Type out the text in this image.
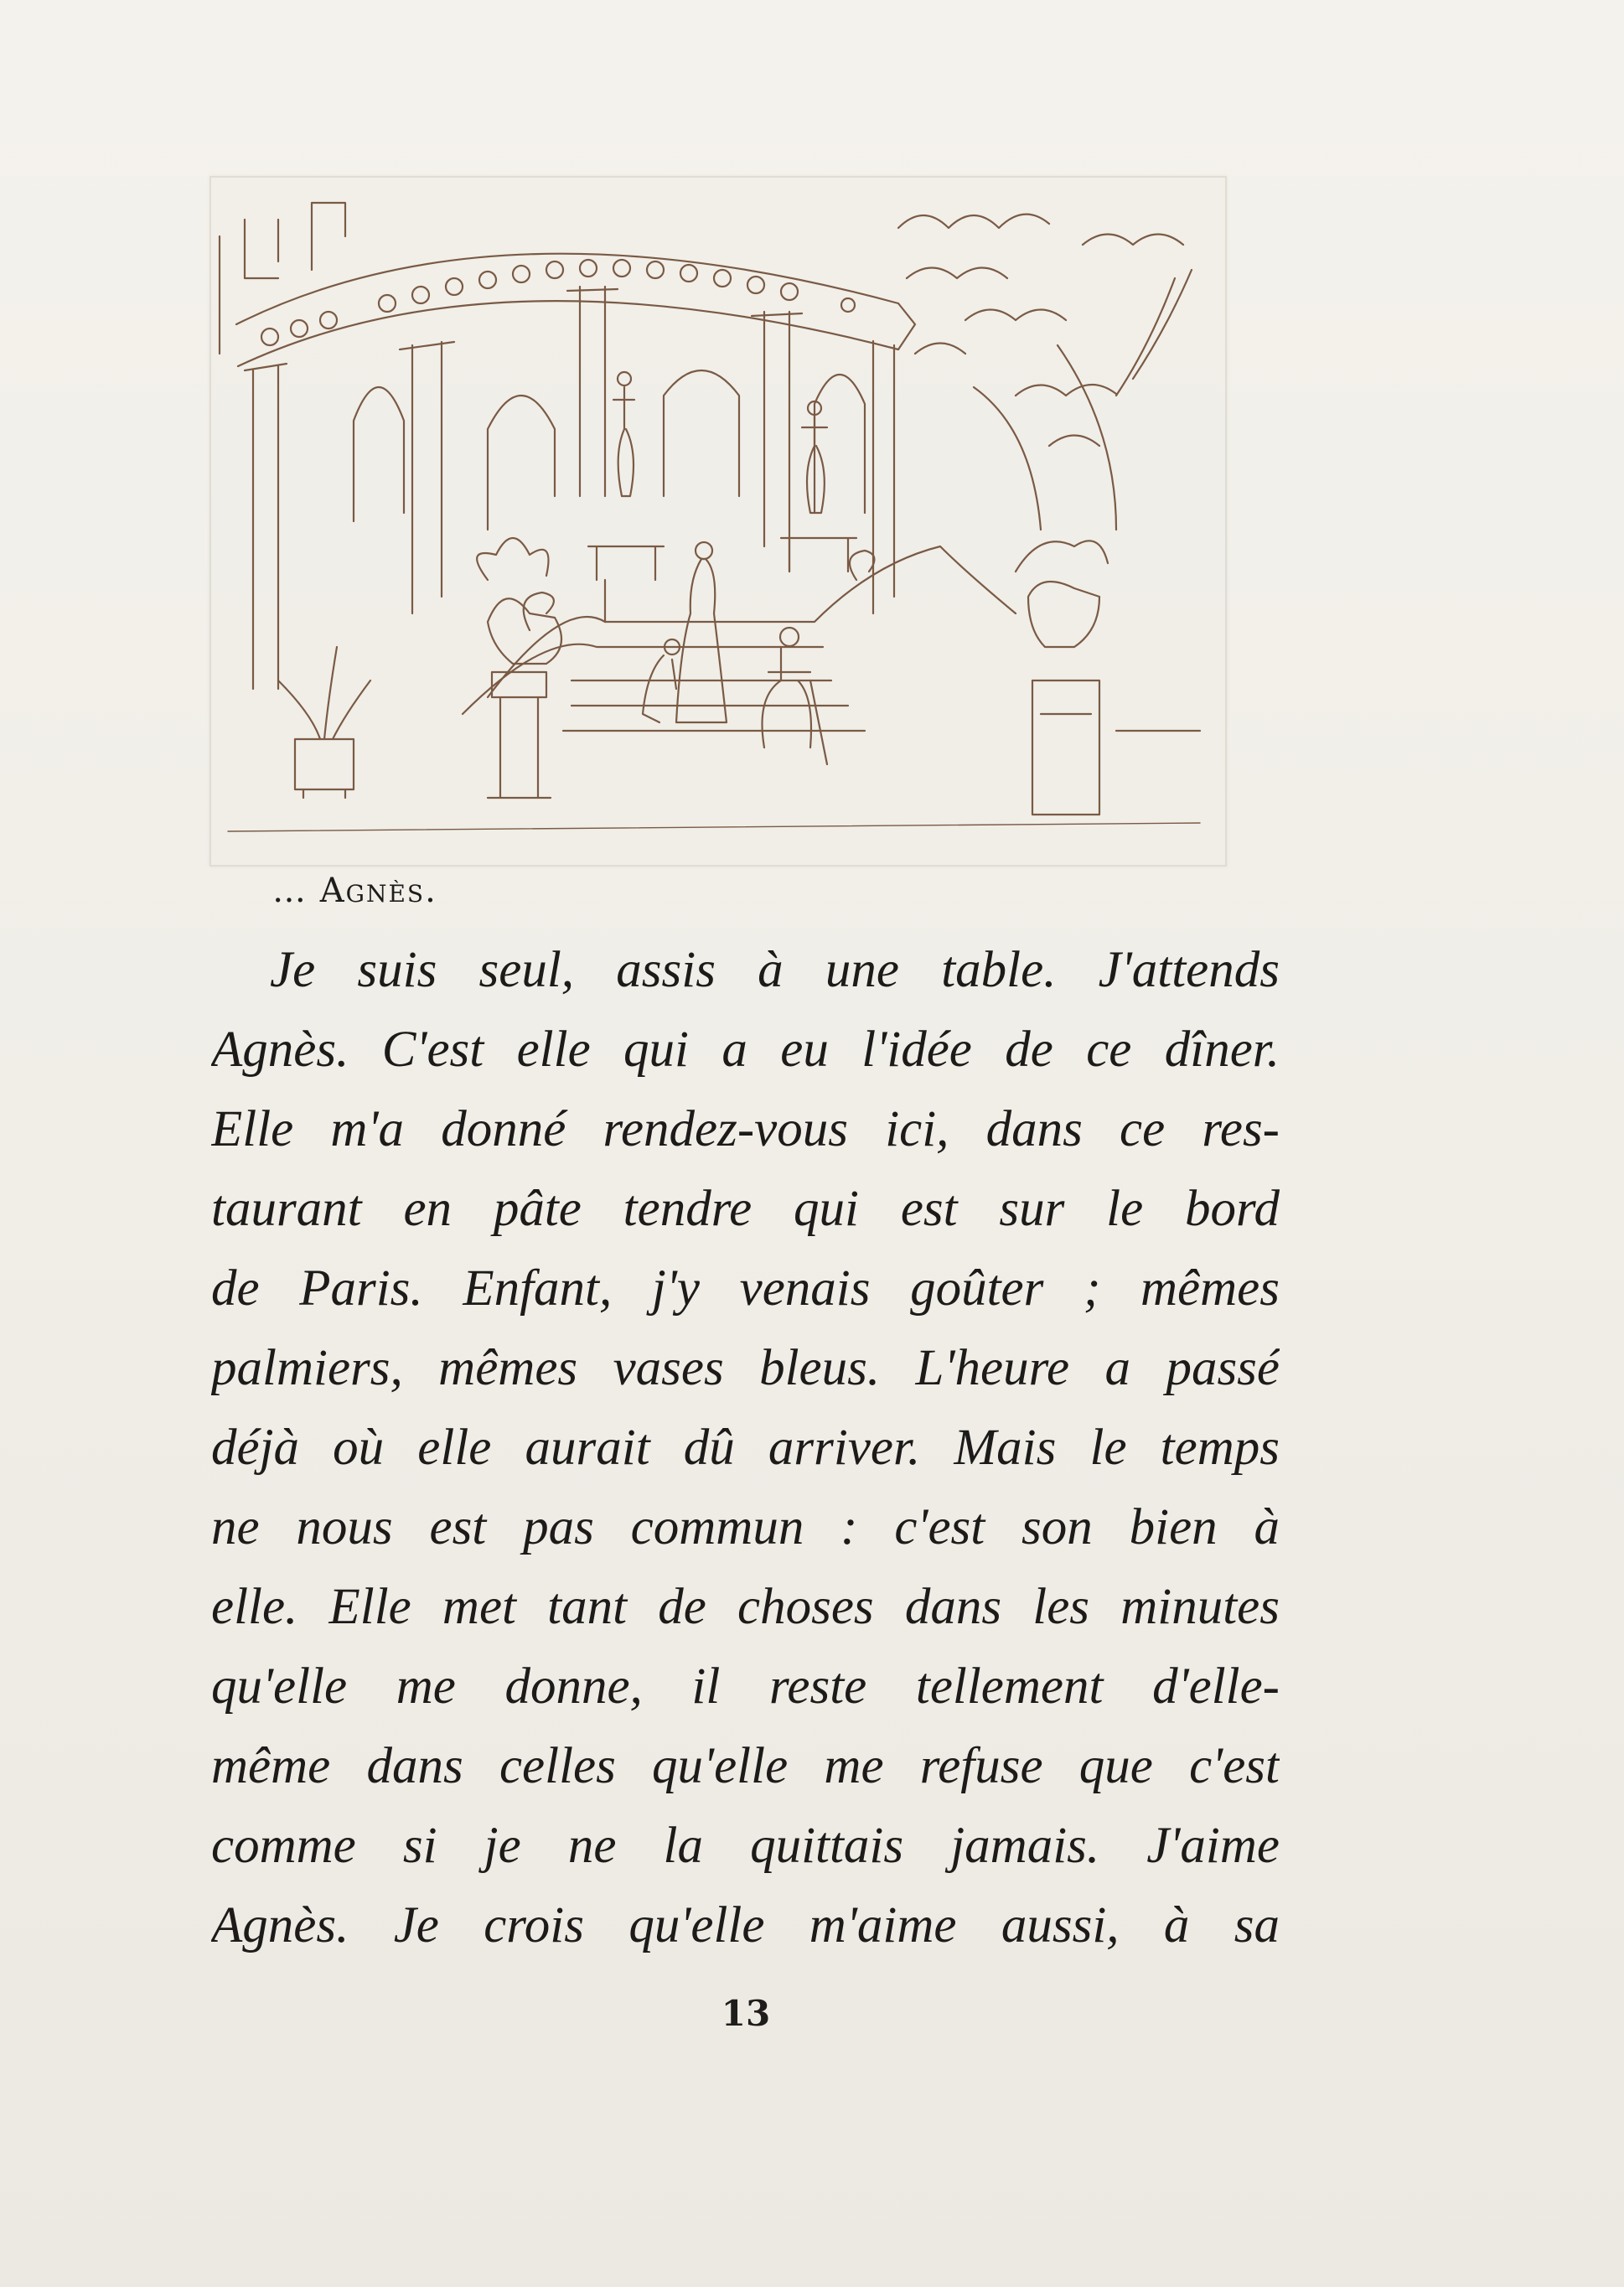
… Agnès.
Je suis seul, assis à une table. J'attends
Agnès. C'est elle qui a eu l'idée de ce dîner.
Elle m'a donné rendez-vous ici, dans ce res-
taurant en pâte tendre qui est sur le bord
de Paris. Enfant, j'y venais goûter ; mêmes
palmiers, mêmes vases bleus. L'heure a passé
déjà où elle aurait dû arriver. Mais le temps
ne nous est pas commun : c'est son bien à
elle. Elle met tant de choses dans les minutes
qu'elle me donne, il reste tellement d'elle-
même dans celles qu'elle me refuse que c'est
comme si je ne la quittais jamais. J'aime
Agnès. Je crois qu'elle m'aime aussi, à sa
13
